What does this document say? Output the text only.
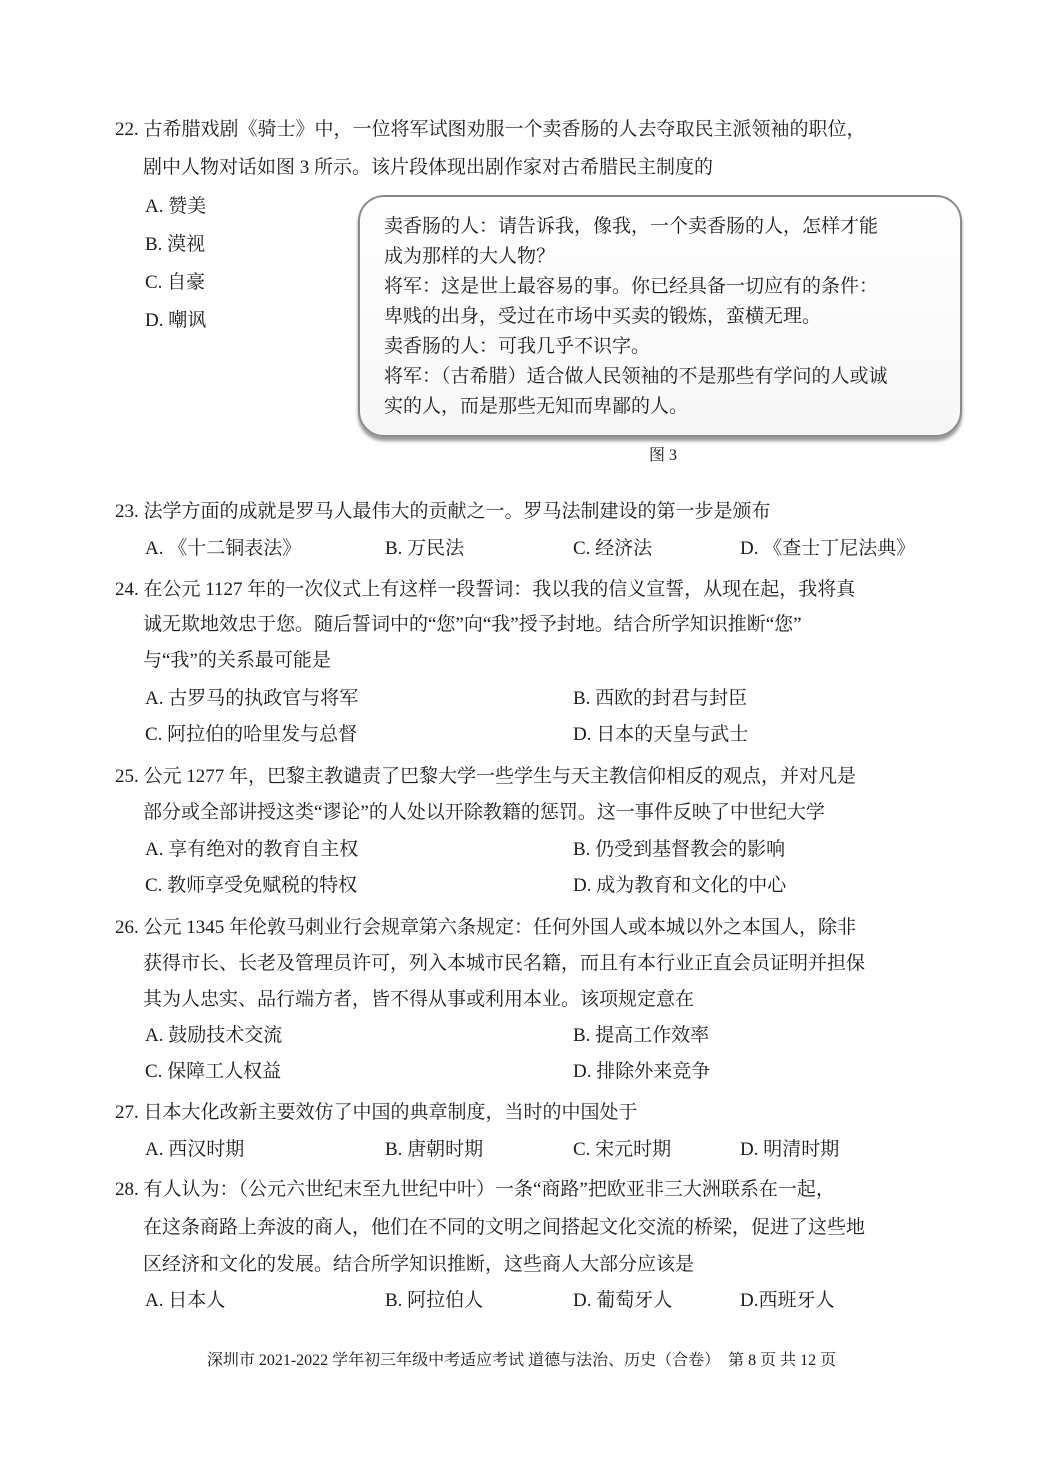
22. 古希腊戏剧《骑士》中，一位将军试图劝服一个卖香肠的人去夺取民主派领袖的职位，
剧中人物对话如图 3 所示。该片段体现出剧作家对古希腊民主制度的
A. 赞美
B. 漠视
C. 自豪
D. 嘲讽
卖香肠的人：请告诉我，像我，一个卖香肠的人，怎样才能
成为那样的大人物？
将军：这是世上最容易的事。你已经具备一切应有的条件：
卑贱的出身，受过在市场中买卖的锻炼，蛮横无理。
卖香肠的人：可我几乎不识字。
将军：（古希腊）适合做人民领袖的不是那些有学问的人或诚
实的人，而是那些无知而卑鄙的人。
图 3
23. 法学方面的成就是罗马人最伟大的贡献之一。罗马法制建设的第一步是颁布
A. 《十二铜表法》	B. 万民法	C. 经济法	D. 《查士丁尼法典》
24. 在公元 1127 年的一次仪式上有这样一段誓词：我以我的信义宣誓，从现在起，我将真
诚无欺地效忠于您。随后誓词中的“您”向“我”授予封地。结合所学知识推断“您”
与“我”的关系最可能是
A. 古罗马的执政官与将军	B. 西欧的封君与封臣
C. 阿拉伯的哈里发与总督	D. 日本的天皇与武士
25. 公元 1277 年，巴黎主教谴责了巴黎大学一些学生与天主教信仰相反的观点，并对凡是
部分或全部讲授这类“谬论”的人处以开除教籍的惩罚。这一事件反映了中世纪大学
A. 享有绝对的教育自主权	B. 仍受到基督教会的影响
C. 教师享受免赋税的特权	D. 成为教育和文化的中心
26. 公元 1345 年伦敦马刺业行会规章第六条规定：任何外国人或本城以外之本国人，除非
获得市长、长老及管理员许可，列入本城市民名籍，而且有本行业正直会员证明并担保
其为人忠实、品行端方者，皆不得从事或利用本业。该项规定意在
A. 鼓励技术交流	B. 提高工作效率
C. 保障工人权益	D. 排除外来竞争
27. 日本大化改新主要效仿了中国的典章制度，当时的中国处于
A. 西汉时期	B. 唐朝时期	C. 宋元时期	D. 明清时期
28. 有人认为：（公元六世纪末至九世纪中叶）一条“商路”把欧亚非三大洲联系在一起，
在这条商路上奔波的商人，他们在不同的文明之间搭起文化交流的桥梁，促进了这些地
区经济和文化的发展。结合所学知识推断，这些商人大部分应该是
A. 日本人	B. 阿拉伯人	D. 葡萄牙人	D.西班牙人
深圳市 2021-2022 学年初三年级中考适应考试 道德与法治、历史（合卷）　第 8 页 共 12 页
